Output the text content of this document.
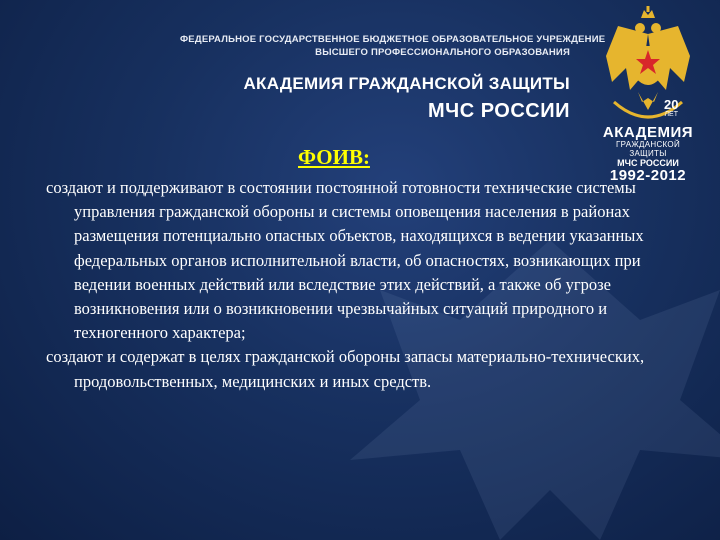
ФЕДЕРАЛЬНОЕ ГОСУДАРСТВЕННОЕ БЮДЖЕТНОЕ ОБРАЗОВАТЕЛЬНОЕ УЧРЕЖДЕНИЕ
ВЫСШЕГО ПРОФЕССИОНАЛЬНОГО ОБРАЗОВАНИЯ
АКАДЕМИЯ ГРАЖДАНСКОЙ ЗАЩИТЫ
МЧС РОССИИ	20
ЛЕТ
АКАДЕМИЯ
ГРАЖДАНСКОЙ ЗАЩИТЫ
МЧС РОССИИ
1992-2012
ФОИВ:

создают и поддерживают в состоянии постоянной готовности технические системы управления гражданской обороны и системы оповещения населения в районах размещения потенциально опасных объектов, находящихся в ведении указанных федеральных органов исполнительной власти, об опасностях, возникающих при ведении военных действий или вследствие этих действий, а также об угрозе возникновения или о возникновении чрезвычайных ситуаций природного и техногенного характера;

создают и содержат в целях гражданской обороны запасы материально-технических, продовольственных, медицинских и иных средств.
